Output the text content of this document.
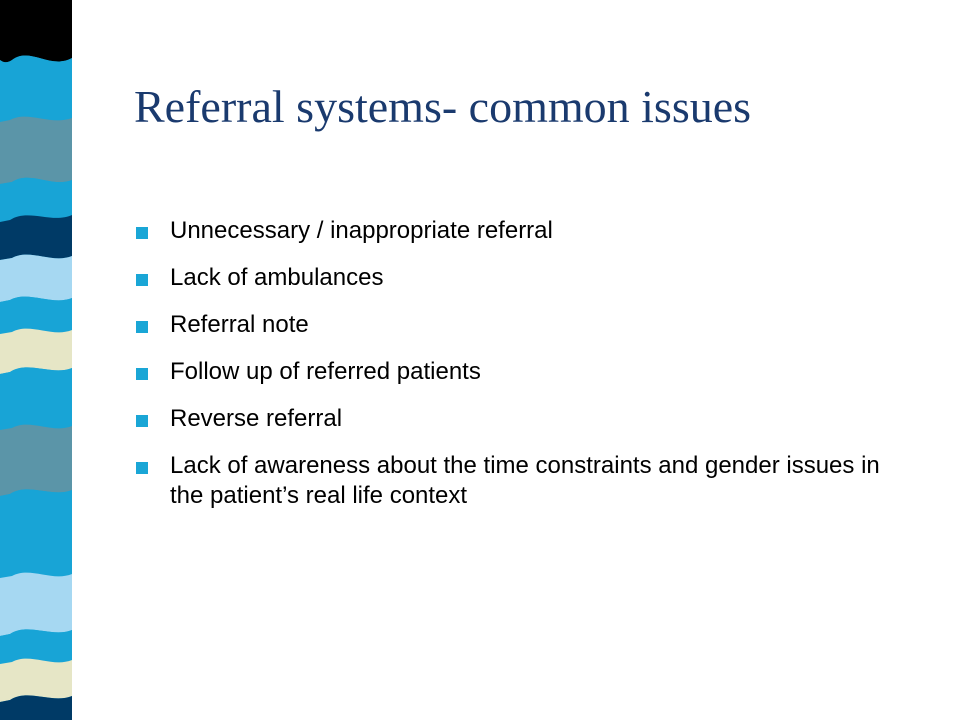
Referral systems- common issues
Unnecessary / inappropriate referral
Lack of ambulances
Referral note
Follow up of referred patients
Reverse referral
Lack of awareness about the time constraints and gender issues in the patient’s real life context
